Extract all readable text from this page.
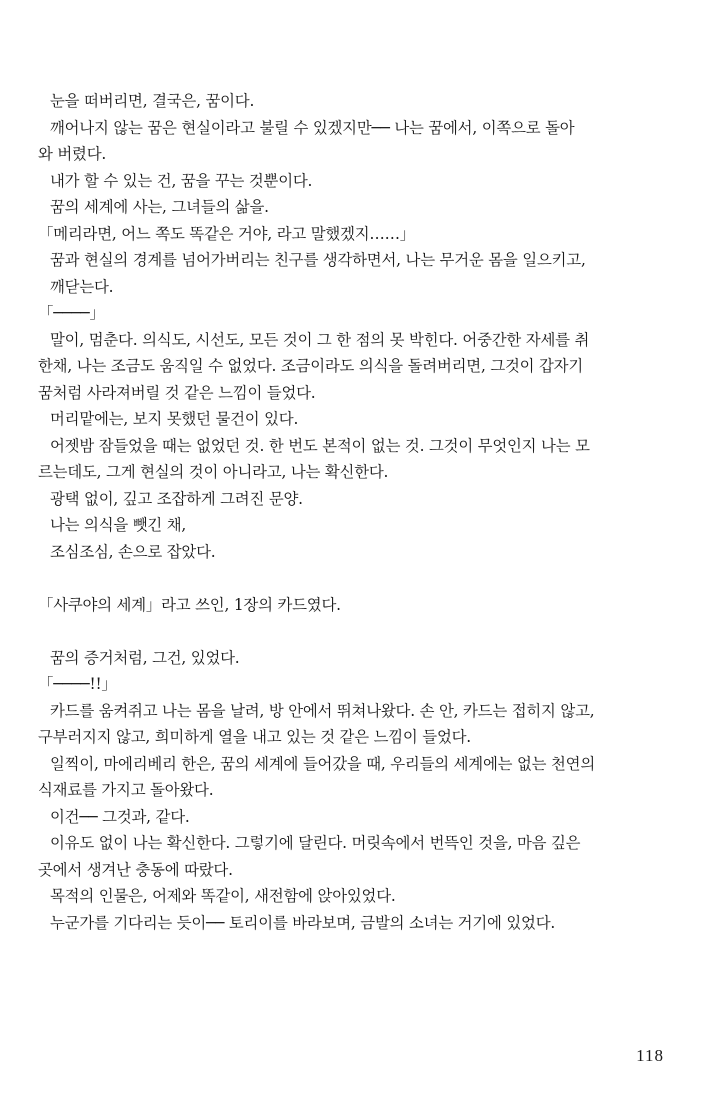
눈을 떠버리면, 결국은, 꿈이다.
깨어나지 않는 꿈은 현실이라고 불릴 수 있겠지만── 나는 꿈에서, 이쪽으로 돌아
와 버렸다.
내가 할 수 있는 건, 꿈을 꾸는 것뿐이다.
꿈의 세계에 사는, 그녀들의 삶을.
「메리라면, 어느 쪽도 똑같은 거야, 라고 말했겠지……」
꿈과 현실의 경계를 넘어가버리는 친구를 생각하면서, 나는 무거운 몸을 일으키고,
깨닫는다.
「────」
말이, 멈춘다. 의식도, 시선도, 모든 것이 그 한 점의 못 박힌다. 어중간한 자세를 취
한채, 나는 조금도 움직일 수 없었다. 조금이라도 의식을 돌려버리면, 그것이 갑자기
꿈처럼 사라져버릴 것 같은 느낌이 들었다.
머리맡에는, 보지 못했던 물건이 있다.
어젯밤 잠들었을 때는 없었던 것. 한 번도 본적이 없는 것. 그것이 무엇인지 나는 모
르는데도, 그게 현실의 것이 아니라고, 나는 확신한다.
광택 없이, 깊고 조잡하게 그려진 문양.
나는 의식을 뺏긴 채,
조심조심, 손으로 잡았다.
「사쿠야의 세계」라고 쓰인, 1장의 카드였다.
꿈의 증거처럼, 그건, 있었다.
「────!!」
카드를 움켜쥐고 나는 몸을 날려, 방 안에서 뛰쳐나왔다. 손 안, 카드는 접히지 않고,
구부러지지 않고, 희미하게 열을 내고 있는 것 같은 느낌이 들었다.
일찍이, 마에리베리 한은, 꿈의 세계에 들어갔을 때, 우리들의 세계에는 없는 천연의
식재료를 가지고 돌아왔다.
이건── 그것과, 같다.
이유도 없이 나는 확신한다. 그렇기에 달린다. 머릿속에서 번뜩인 것을, 마음 깊은
곳에서 생겨난 충동에 따랐다.
목적의 인물은, 어제와 똑같이, 새전함에 앉아있었다.
누군가를 기다리는 듯이── 토리이를 바라보며, 금발의 소녀는 거기에 있었다.
118
